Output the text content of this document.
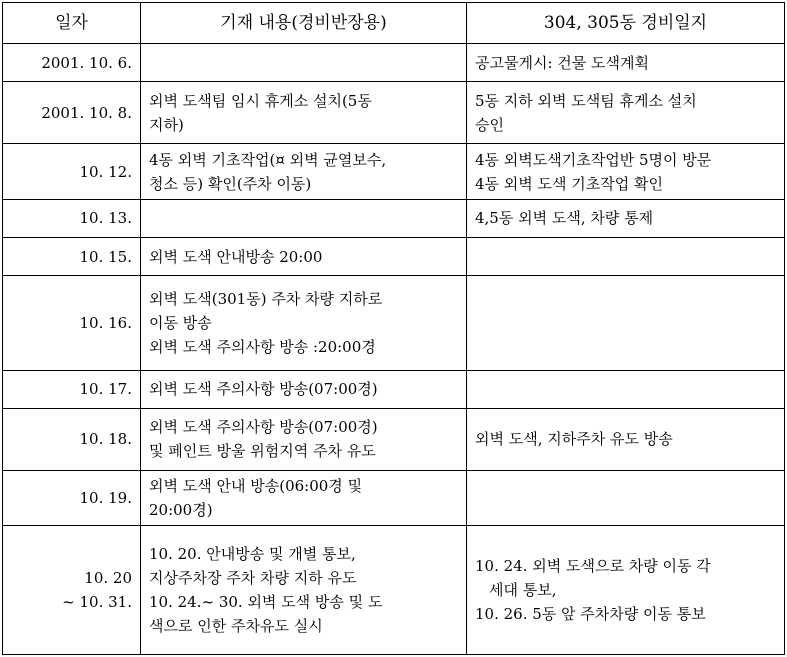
일자	기재 내용(경비반장용)	304, 305동 경비일지

2001. 10. 6.		공고물게시: 건물 도색계획

2001. 10. 8.	외벽 도색팀 임시 휴게소 설치(5동
지하)	5동 지하 외벽 도색팀 휴게소 설치
승인

10. 12.	4동 외벽 기초작업(¤ 외벽 균열보수,
청소 등) 확인(주차 이동)	4동 외벽도색기초작업반 5명이 방문
4동 외벽 도색 기초작업 확인

10. 13.		4,5동 외벽 도색, 차량 통제

10. 15.	외벽 도색 안내방송 20:00	

10. 16.	외벽 도색(301동) 주차 차량 지하로
이동 방송
외벽 도색 주의사항 방송 :20:00경	

10. 17.	외벽 도색 주의사항 방송(07:00경)	

10. 18.	외벽 도색 주의사항 방송(07:00경)
및 페인트 방울 위험지역 주차 유도	외벽 도색, 지하주차 유도 방송

10. 19.	외벽 도색 안내 방송(06:00경 및
20:00경)	

10. 20
~ 10. 31.	10. 20. 안내방송 및 개별 통보,
지상주차장 주차 차량 지하 유도
10. 24.~ 30. 외벽 도색 방송 및 도
색으로 인한 주차유도 실시	10. 24. 외벽 도색으로 차량 이동 각
세대 통보,
10. 26. 5동 앞 주차차량 이동 통보
